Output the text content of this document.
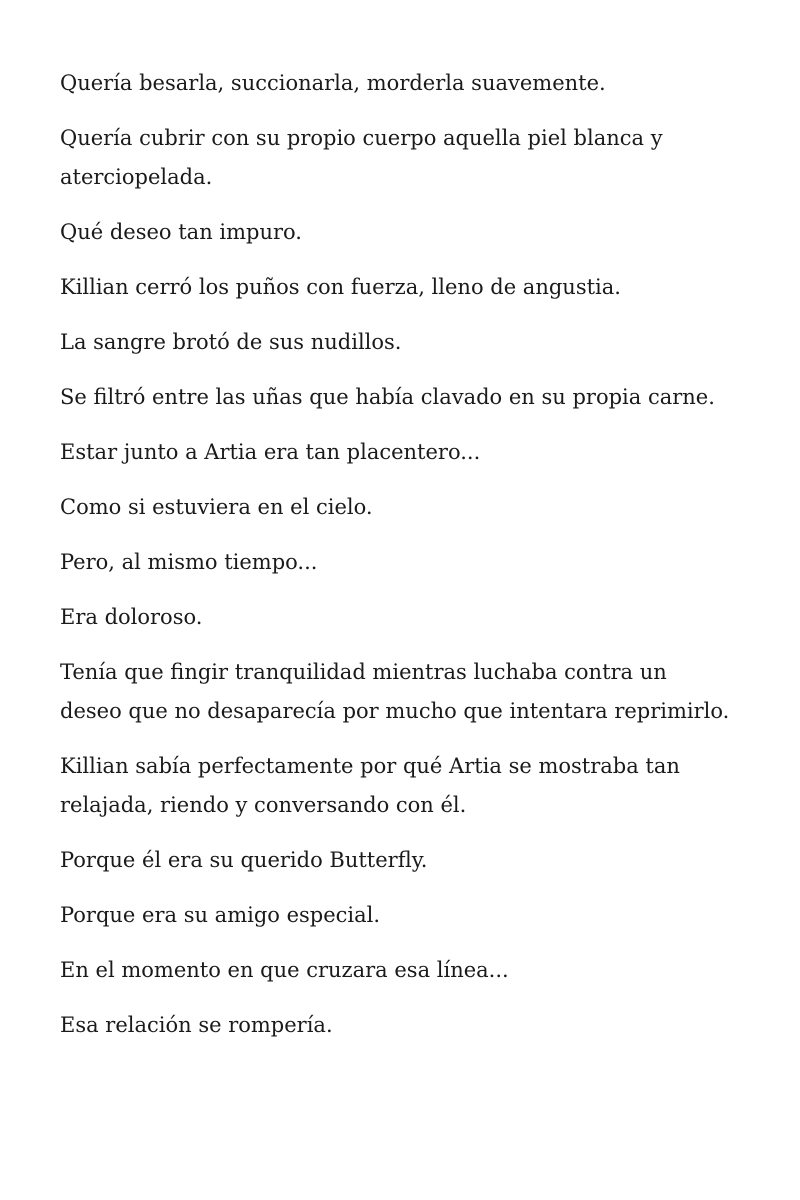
Quería besarla, succionarla, morderla suavemente.

Quería cubrir con su propio cuerpo aquella piel blanca y aterciopelada.

Qué deseo tan impuro.

Killian cerró los puños con fuerza, lleno de angustia.

La sangre brotó de sus nudillos.

Se filtró entre las uñas que había clavado en su propia carne.

Estar junto a Artia era tan placentero...

Como si estuviera en el cielo.

Pero, al mismo tiempo...

Era doloroso.

Tenía que fingir tranquilidad mientras luchaba contra un deseo que no desaparecía por mucho que intentara reprimirlo.

Killian sabía perfectamente por qué Artia se mostraba tan relajada, riendo y conversando con él.

Porque él era su querido Butterfly.

Porque era su amigo especial.

En el momento en que cruzara esa línea...

Esa relación se rompería.
